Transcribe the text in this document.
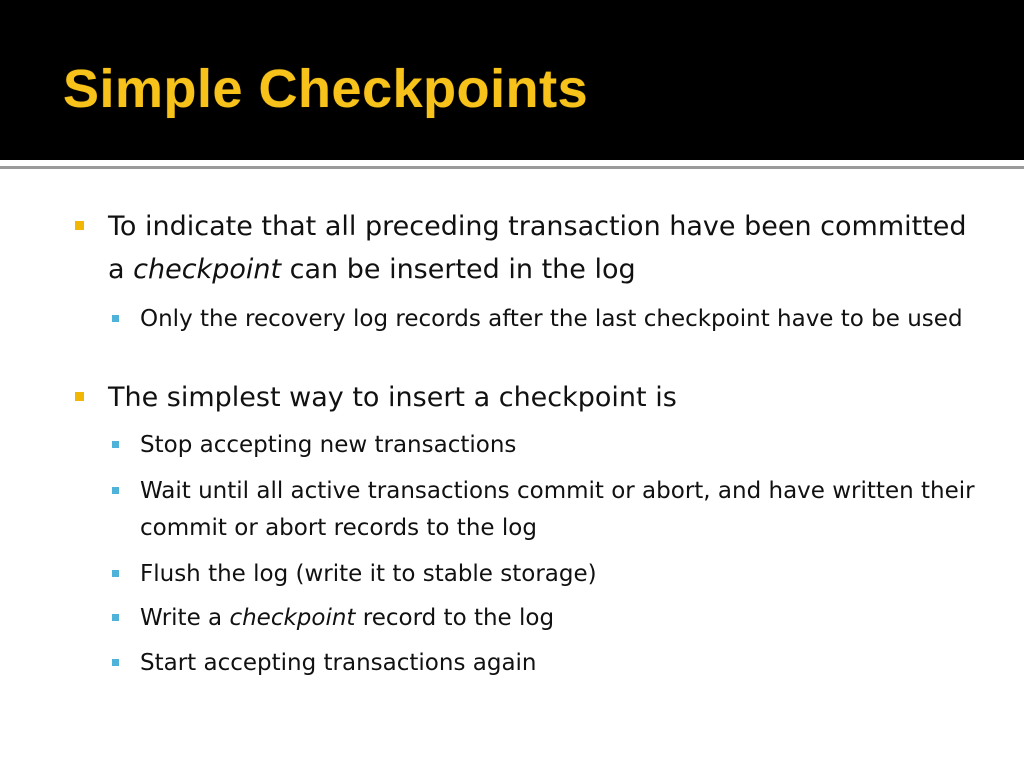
Simple Checkpoints
To indicate that all preceding transaction have been committed a checkpoint can be inserted in the log
Only the recovery log records after the last checkpoint have to be used
The simplest way to insert a checkpoint is
Stop accepting new transactions
Wait until all active transactions commit or abort, and have written their commit or abort records to the log
Flush the log (write it to stable storage)
Write a checkpoint record to the log
Start accepting transactions again
